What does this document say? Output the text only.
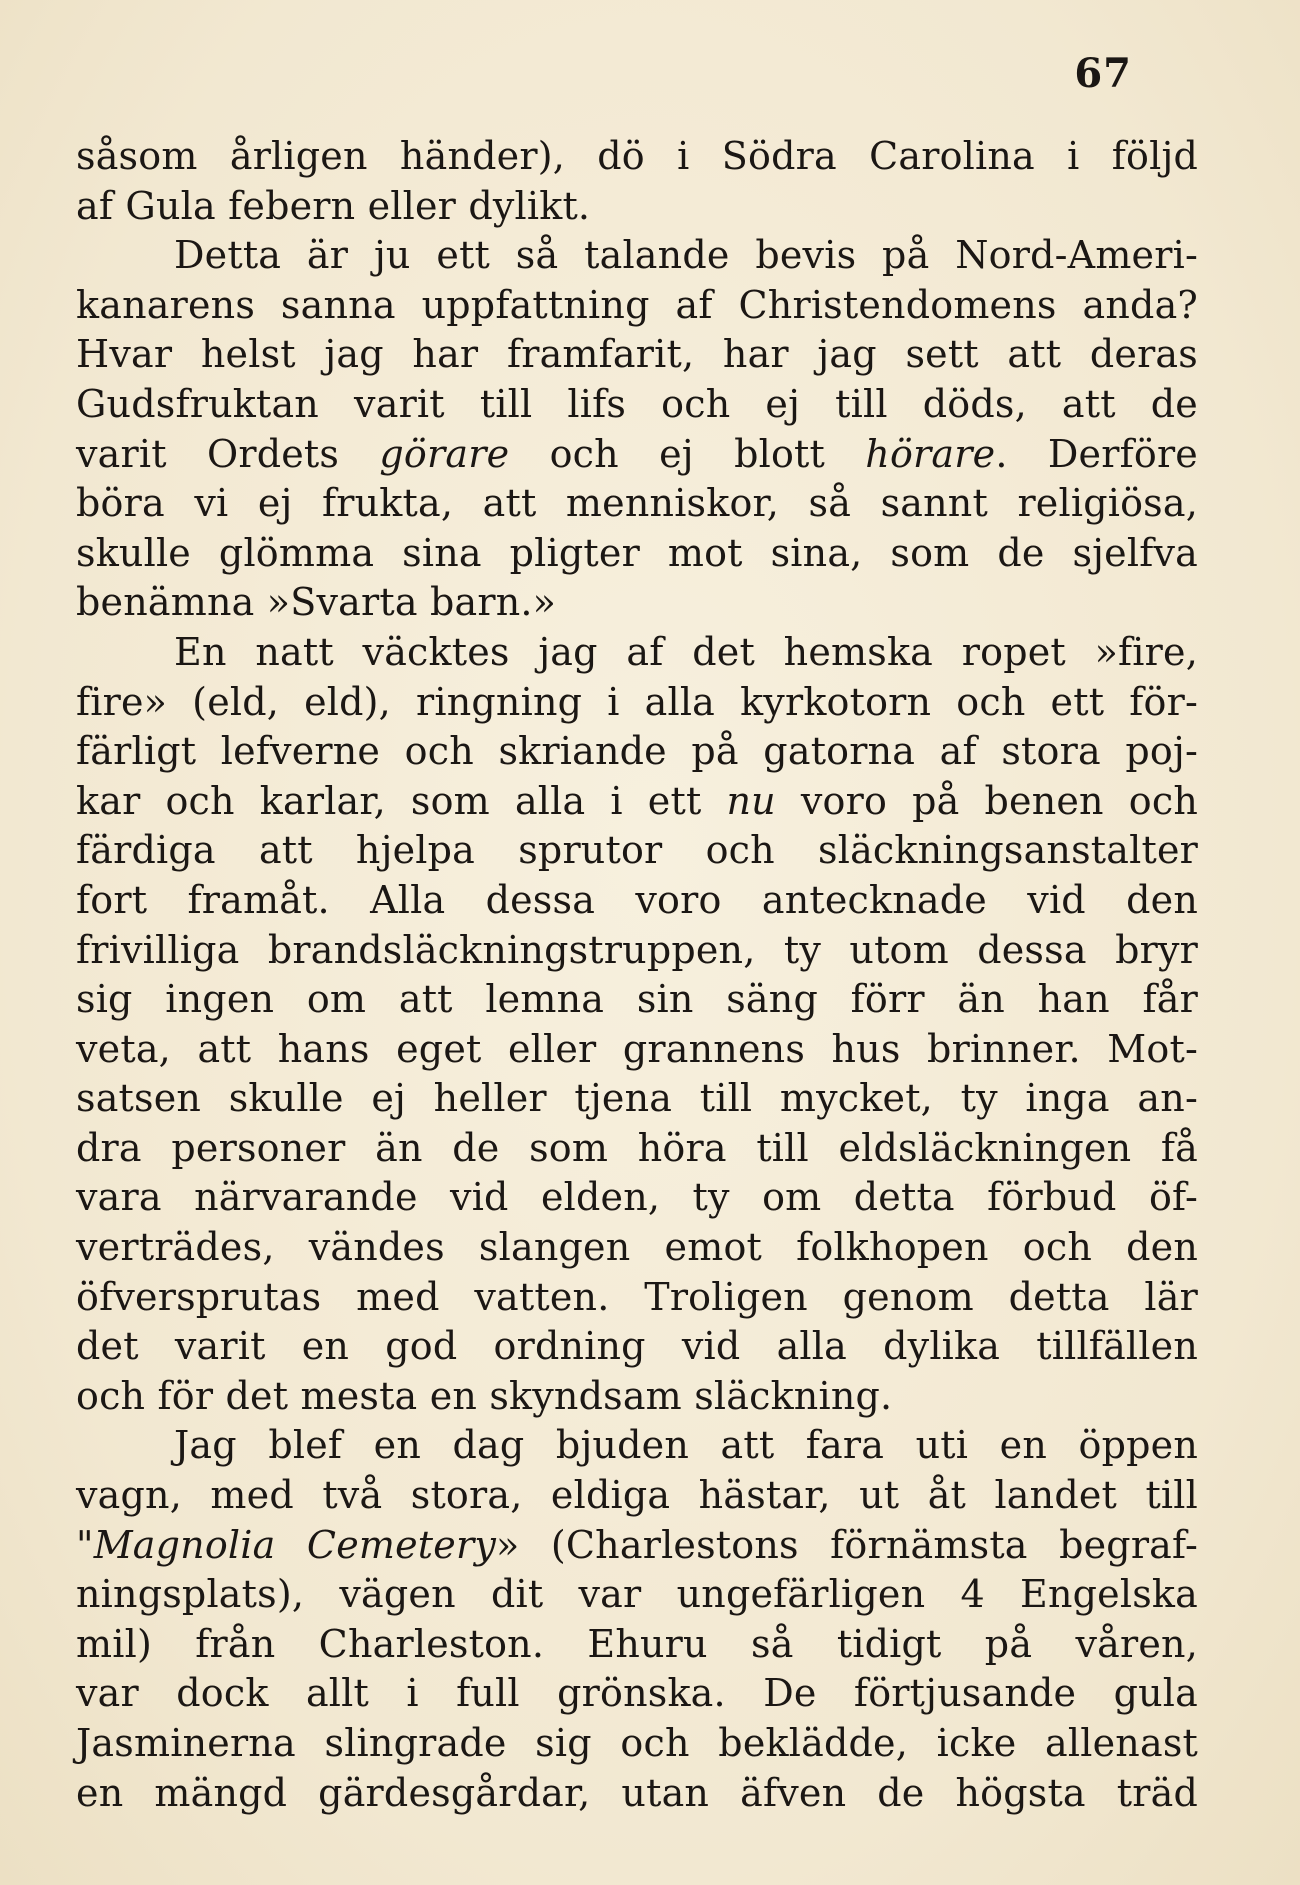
67
såsom årligen händer), dö i Södra Carolina i följd
af Gula febern eller dylikt.
Detta är ju ett så talande bevis på Nord-Ameri-
kanarens sanna uppfattning af Christendomens anda?
Hvar helst jag har framfarit, har jag sett att deras
Gudsfruktan varit till lifs och ej till döds, att de
varit Ordets görare och ej blott hörare. Derföre
böra vi ej frukta, att menniskor, så sannt religiösa,
skulle glömma sina pligter mot sina, som de sjelfva
benämna »Svarta barn.»
En natt väcktes jag af det hemska ropet »fire,
fire» (eld, eld), ringning i alla kyrkotorn och ett för-
färligt lefverne och skriande på gatorna af stora poj-
kar och karlar, som alla i ett nu voro på benen och
färdiga att hjelpa sprutor och släckningsanstalter
fort framåt. Alla dessa voro antecknade vid den
frivilliga brandsläckningstruppen, ty utom dessa bryr
sig ingen om att lemna sin säng förr än han får
veta, att hans eget eller grannens hus brinner. Mot-
satsen skulle ej heller tjena till mycket, ty inga an-
dra personer än de som höra till eldsläckningen få
vara närvarande vid elden, ty om detta förbud öf-
verträdes, vändes slangen emot folkhopen och den
öfversprutas med vatten. Troligen genom detta lär
det varit en god ordning vid alla dylika tillfällen
och för det mesta en skyndsam släckning.
Jag blef en dag bjuden att fara uti en öppen
vagn, med två stora, eldiga hästar, ut åt landet till
"Magnolia Cemetery» (Charlestons förnämsta begraf-
ningsplats), vägen dit var ungefärligen 4 Engelska
mil) från Charleston. Ehuru så tidigt på våren,
var dock allt i full grönska. De förtjusande gula
Jasminerna slingrade sig och beklädde, icke allenast
en mängd gärdesgårdar, utan äfven de högsta träd
